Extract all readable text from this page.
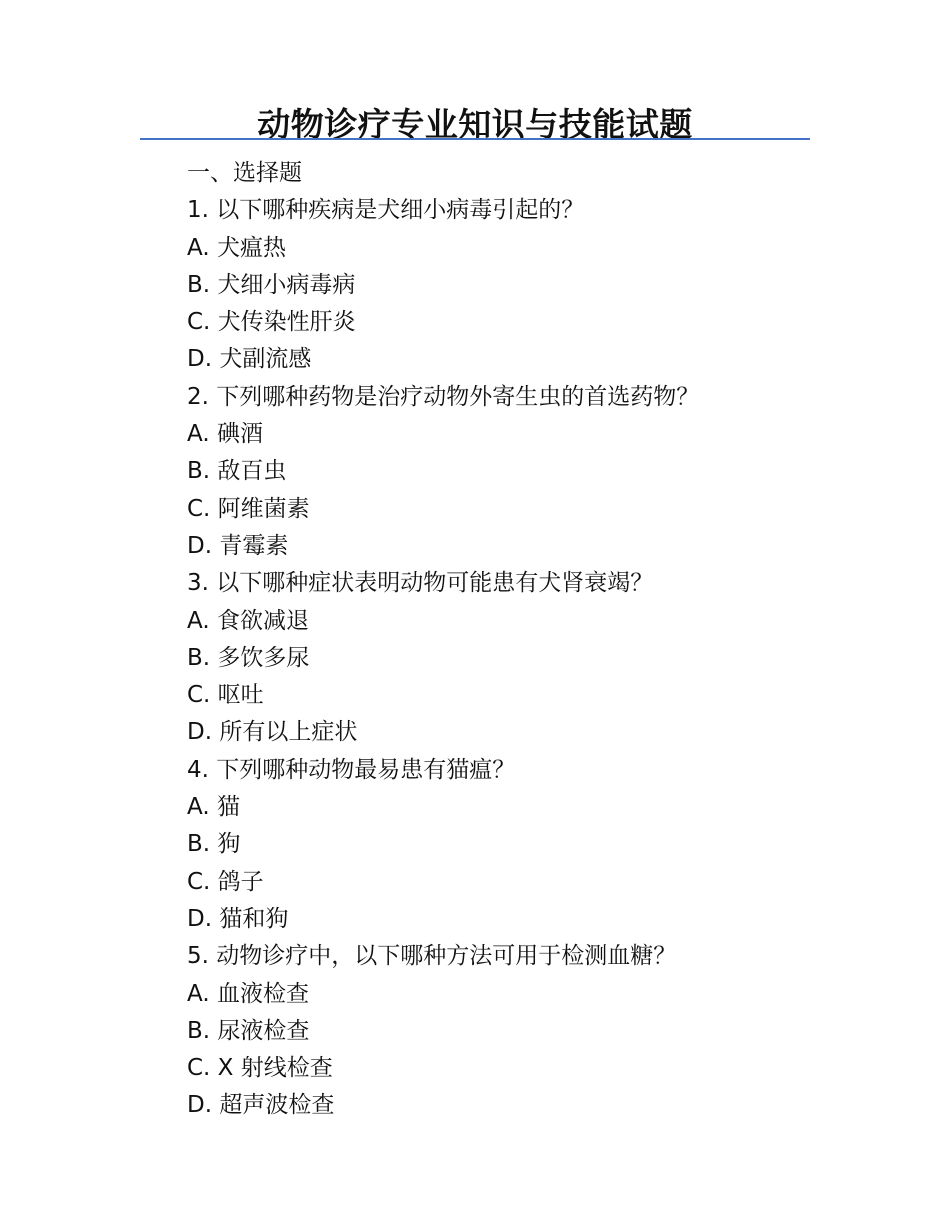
动物诊疗专业知识与技能试题
一、选择题
1. 以下哪种疾病是犬细小病毒引起的？
A. 犬瘟热
B. 犬细小病毒病
C. 犬传染性肝炎
D. 犬副流感
2. 下列哪种药物是治疗动物外寄生虫的首选药物？
A. 碘酒
B. 敌百虫
C. 阿维菌素
D. 青霉素
3. 以下哪种症状表明动物可能患有犬肾衰竭？
A. 食欲减退
B. 多饮多尿
C. 呕吐
D. 所有以上症状
4. 下列哪种动物最易患有猫瘟？
A. 猫
B. 狗
C. 鸽子
D. 猫和狗
5. 动物诊疗中，以下哪种方法可用于检测血糖？
A. 血液检查
B. 尿液检查
C. X 射线检查
D. 超声波检查
